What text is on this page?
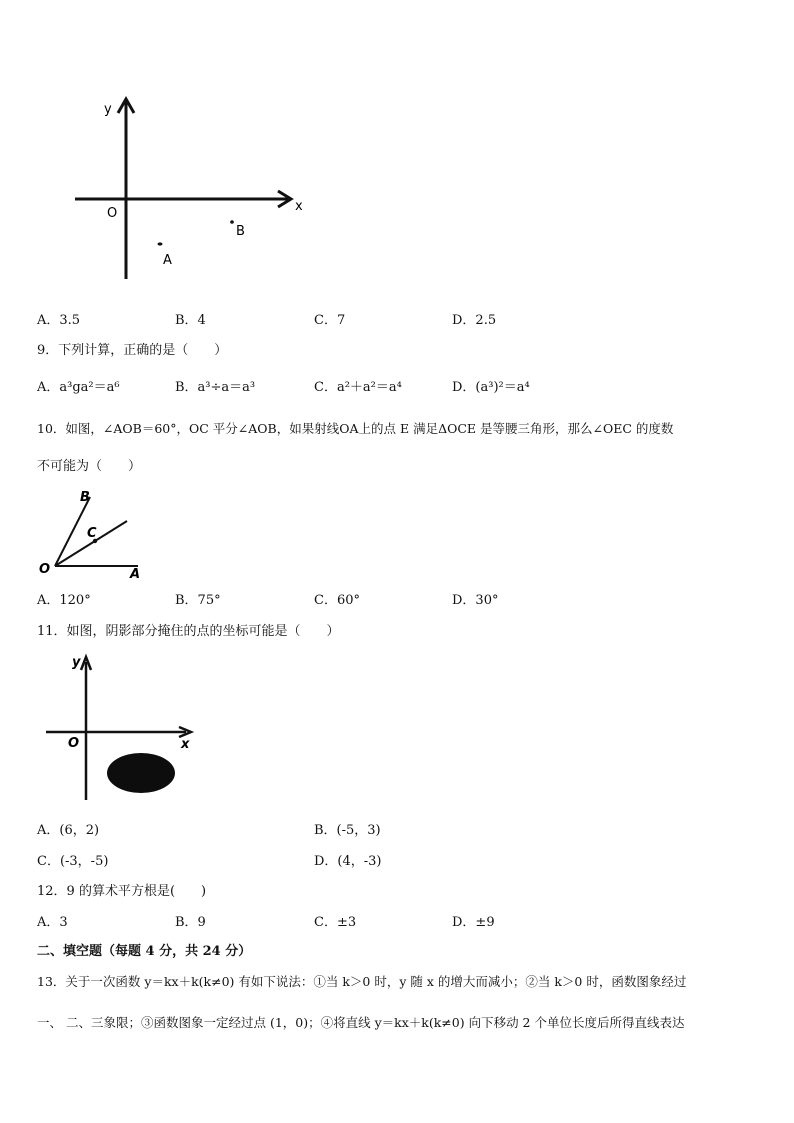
y
x
O
B
A
A．3.5	B．4	C．7	D．2.5
9．下列计算，正确的是（　　）
A．a³ga²＝a⁶	B．a³÷a＝a³	C．a²＋a²＝a⁴	D．(a³)²＝a⁴
10．如图，∠AOB＝60°，OC 平分∠AOB，如果射线OA上的点 E 满足ΔOCE 是等腰三角形，那么∠OEC 的度数
不可能为（　　）
B
C
O	A
A．120°	B．75°	C．60°	D．30°
11．如图，阴影部分掩住的点的坐标可能是（　　）
y
x
O
A．(6，2)	B．(-5，3)
C．(-3，-5)	D．(4，-3)
12．9 的算术平方根是(　　)
A．3	B．9	C．±3	D．±9
二、填空题（每题 4 分，共 24 分）
13．关于一次函数 y＝kx＋k(k≠0) 有如下说法：①当 k＞0 时，y 随 x 的增大而减小；②当 k＞0 时，函数图象经过
一、 二、三象限；③函数图象一定经过点 (1，0)；④将直线 y＝kx＋k(k≠0) 向下移动 2 个单位长度后所得直线表达
